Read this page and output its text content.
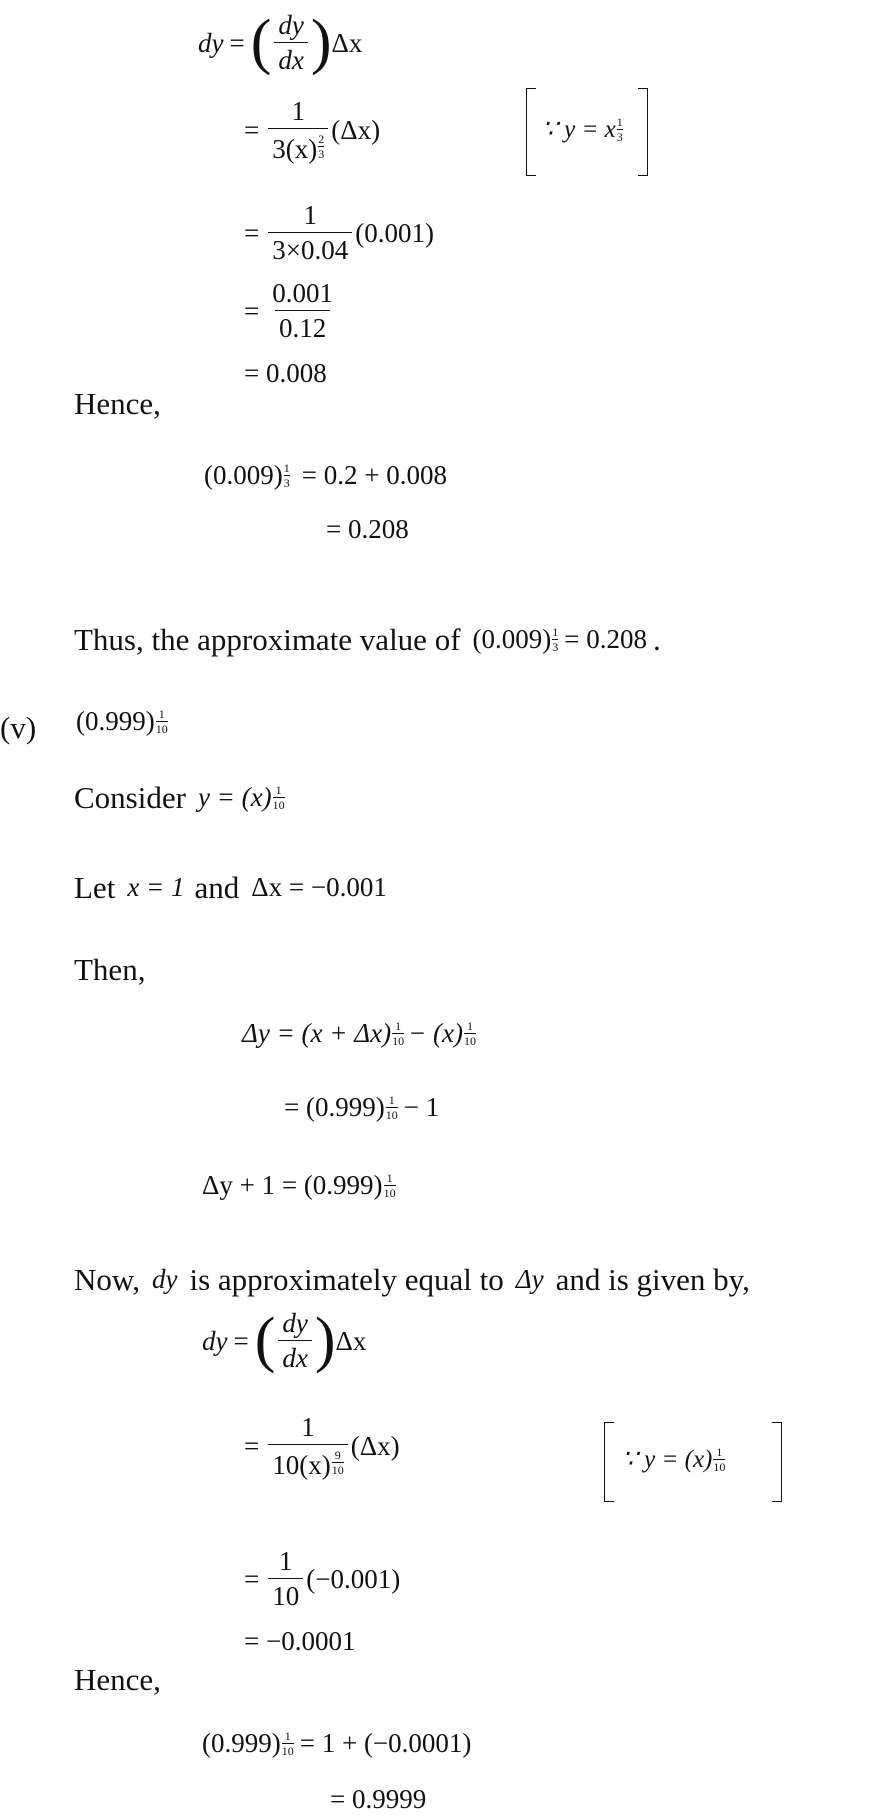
dy = ( $\frac{dy}{dx}$ ) Δx
= 1
3(x) $^{\frac{2}{3}}$ (Δx)	∵ y = x $\frac{1}{3}$
= $\frac{1}{3\times 0.04} (0.001)$
= $\frac{0.001}{0.12}$
= 0.008
Hence,
$(0.009) \frac{1}{3} = 0.2 + 0.008$
= 0.208
Thus, the approximate value of $(0.009) \frac{1}{3} = 0.208$ .
(v) $(0.999) \frac{1}{10}$
Consider $y = (x) \frac{1}{10}$
Let x = 1 and Δx = −0.001
Then,
$\Delta y = (x + \Delta x) \frac{1}{10} - (x) \frac{1}{10}$
= $(0.999) \frac{1}{10} - 1$
$\Delta y + 1 = (0.999) \frac{1}{10}$
Now, dy is approximately equal to Δy and is given by,
dy = ( $\frac{dy}{dx}$ ) Δx
= 1
10(x) $^{\frac{9}{10}}$ (Δx)	∵ $y = (x) \frac{1}{10}$
= $\frac{1}{10} (-0.001)$
= −0.0001
Hence,
$(0.999) \frac{1}{10} = 1 + (-0.0001)$
= 0.9999
